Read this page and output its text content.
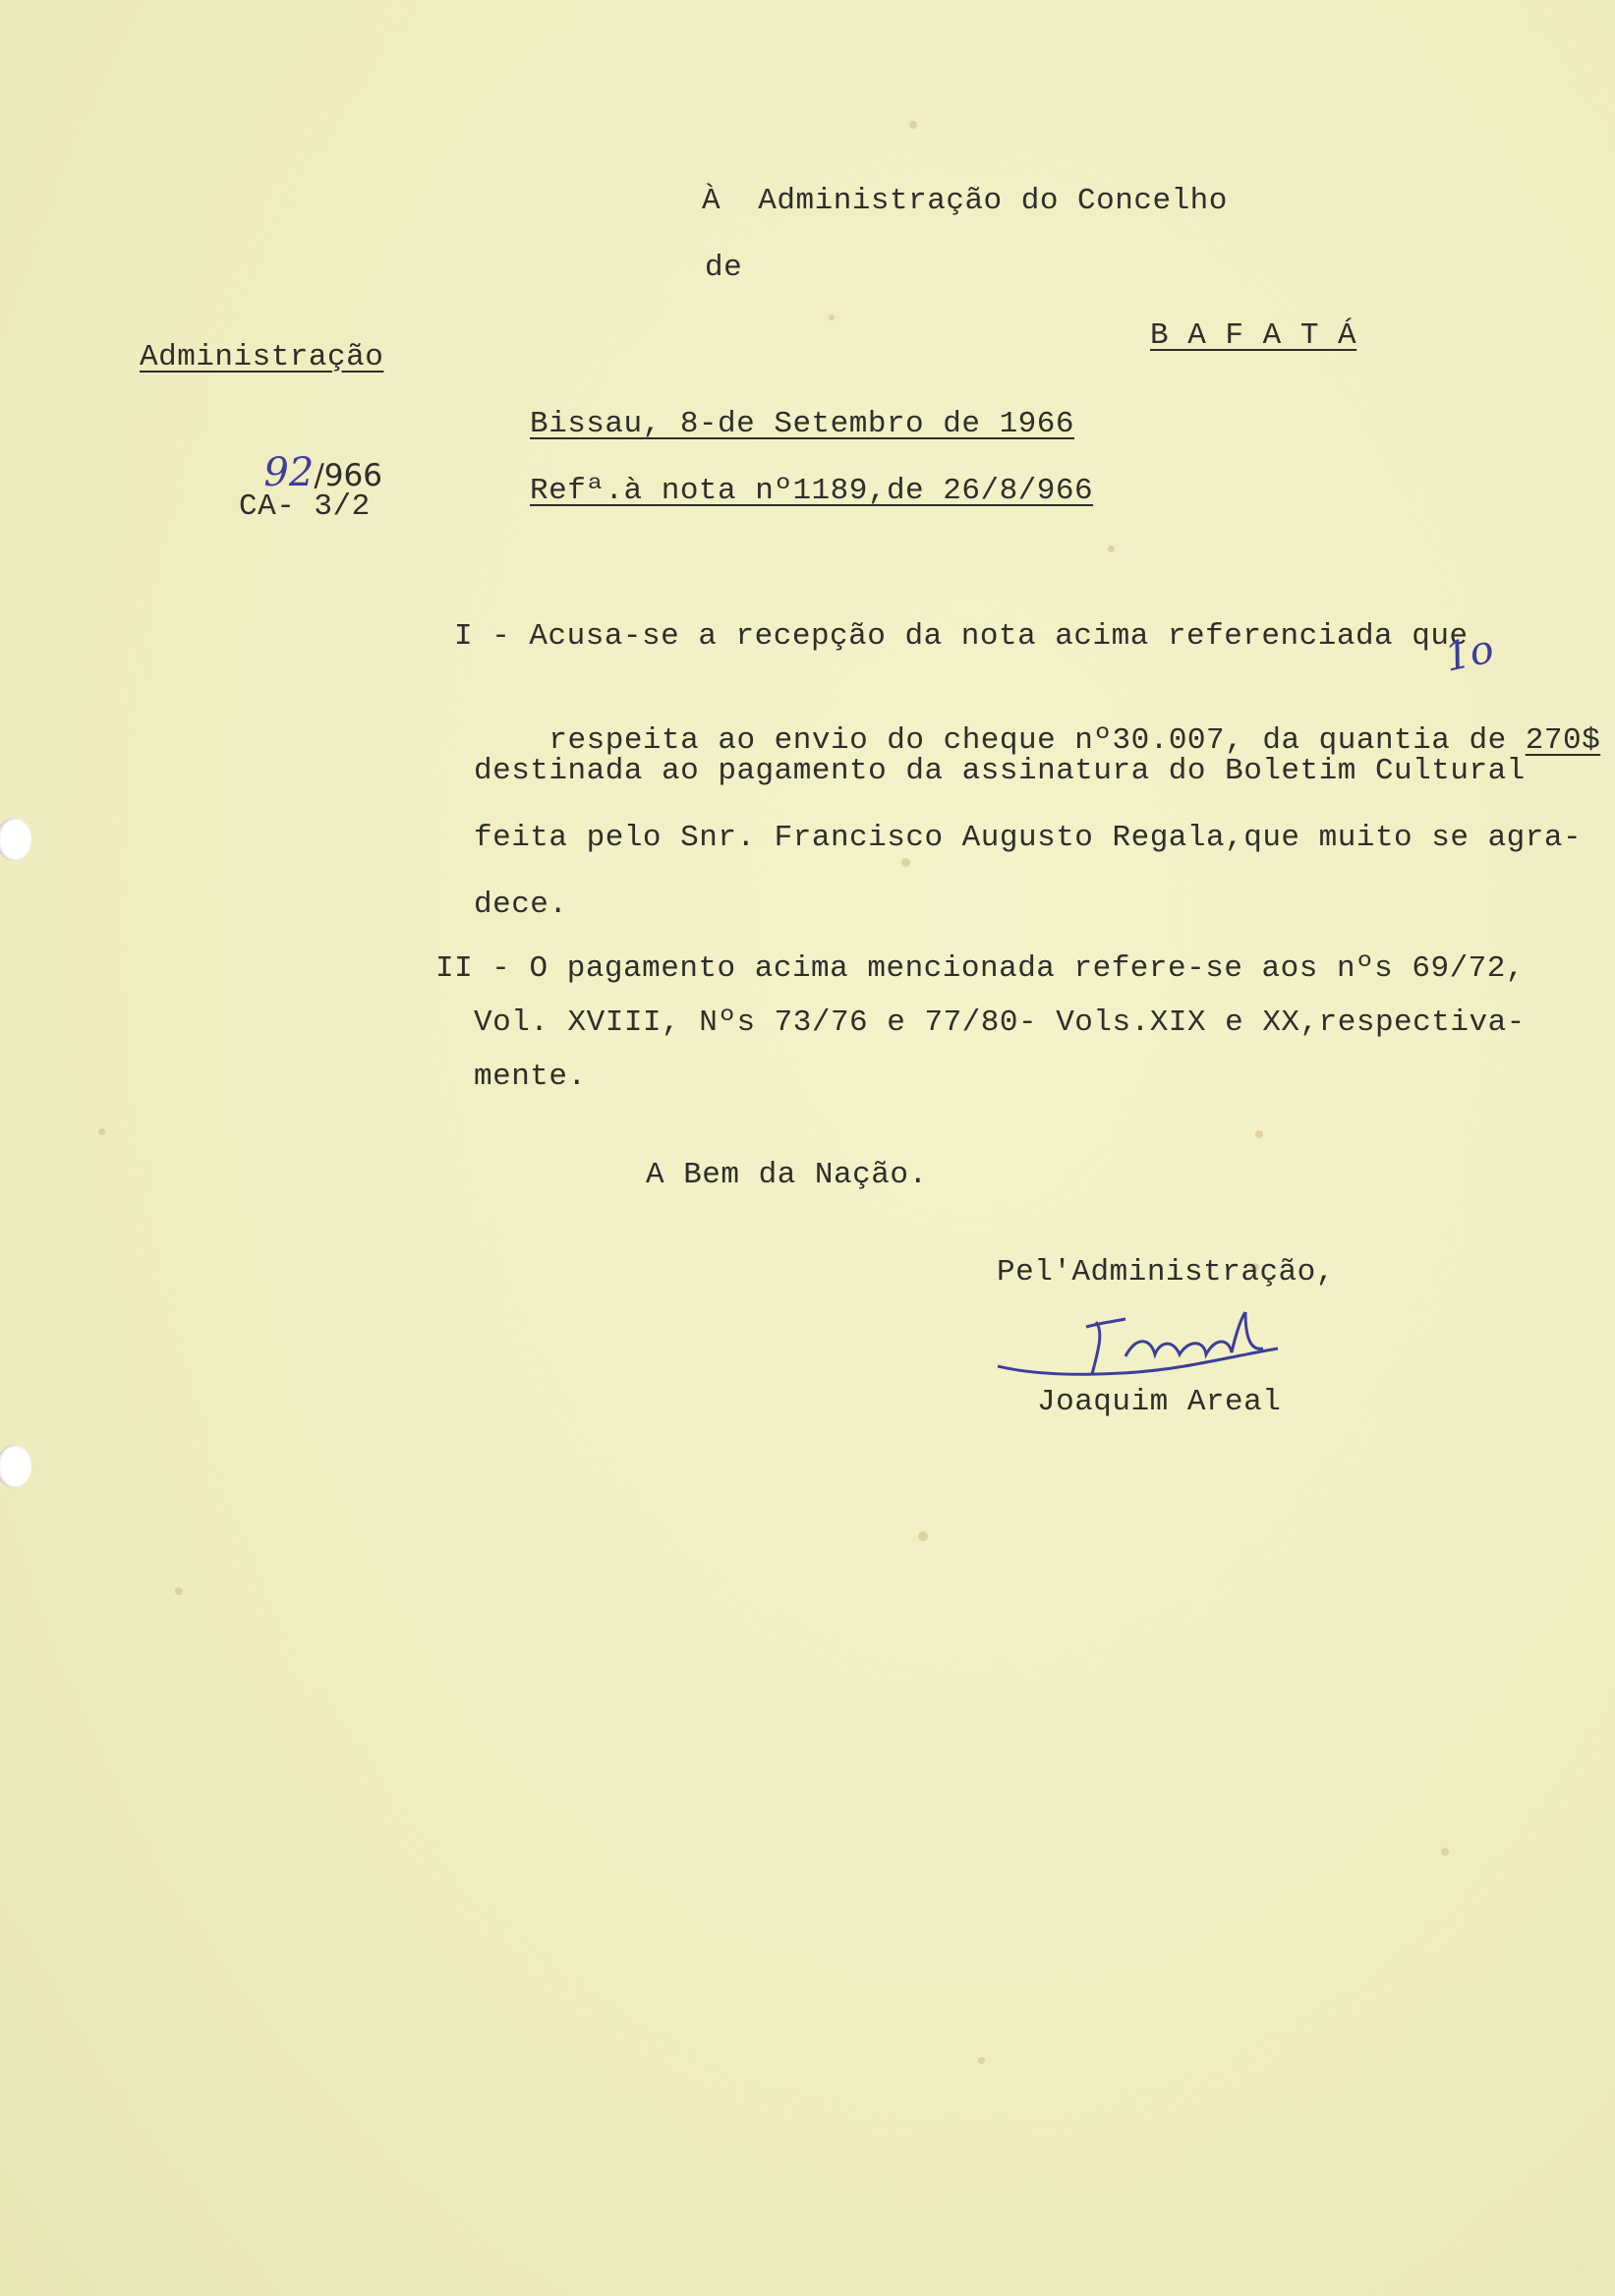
À  Administração do Concelho
de
B A F A T Á
Administração

92/966

CA- 3/2
Bissau, 8-de Setembro de 1966
Refª.à nota nº1189,de 26/8/966
I - Acusa-se a recepção da nota acima referenciada que

respeita ao envio do cheque nº30.007, da quantia de 270$

1o
destinada ao pagamento da assinatura do Boletim Cultural
feita pelo Snr. Francisco Augusto Regala,que muito se agra-
dece.
II - O pagamento acima mencionada refere-se aos nºs 69/72,
Vol. XVIII, Nºs 73/76 e 77/80- Vols.XIX e XX,respectiva-
mente.
A Bem da Nação.
Pel'Administração,
Joaquim Areal
